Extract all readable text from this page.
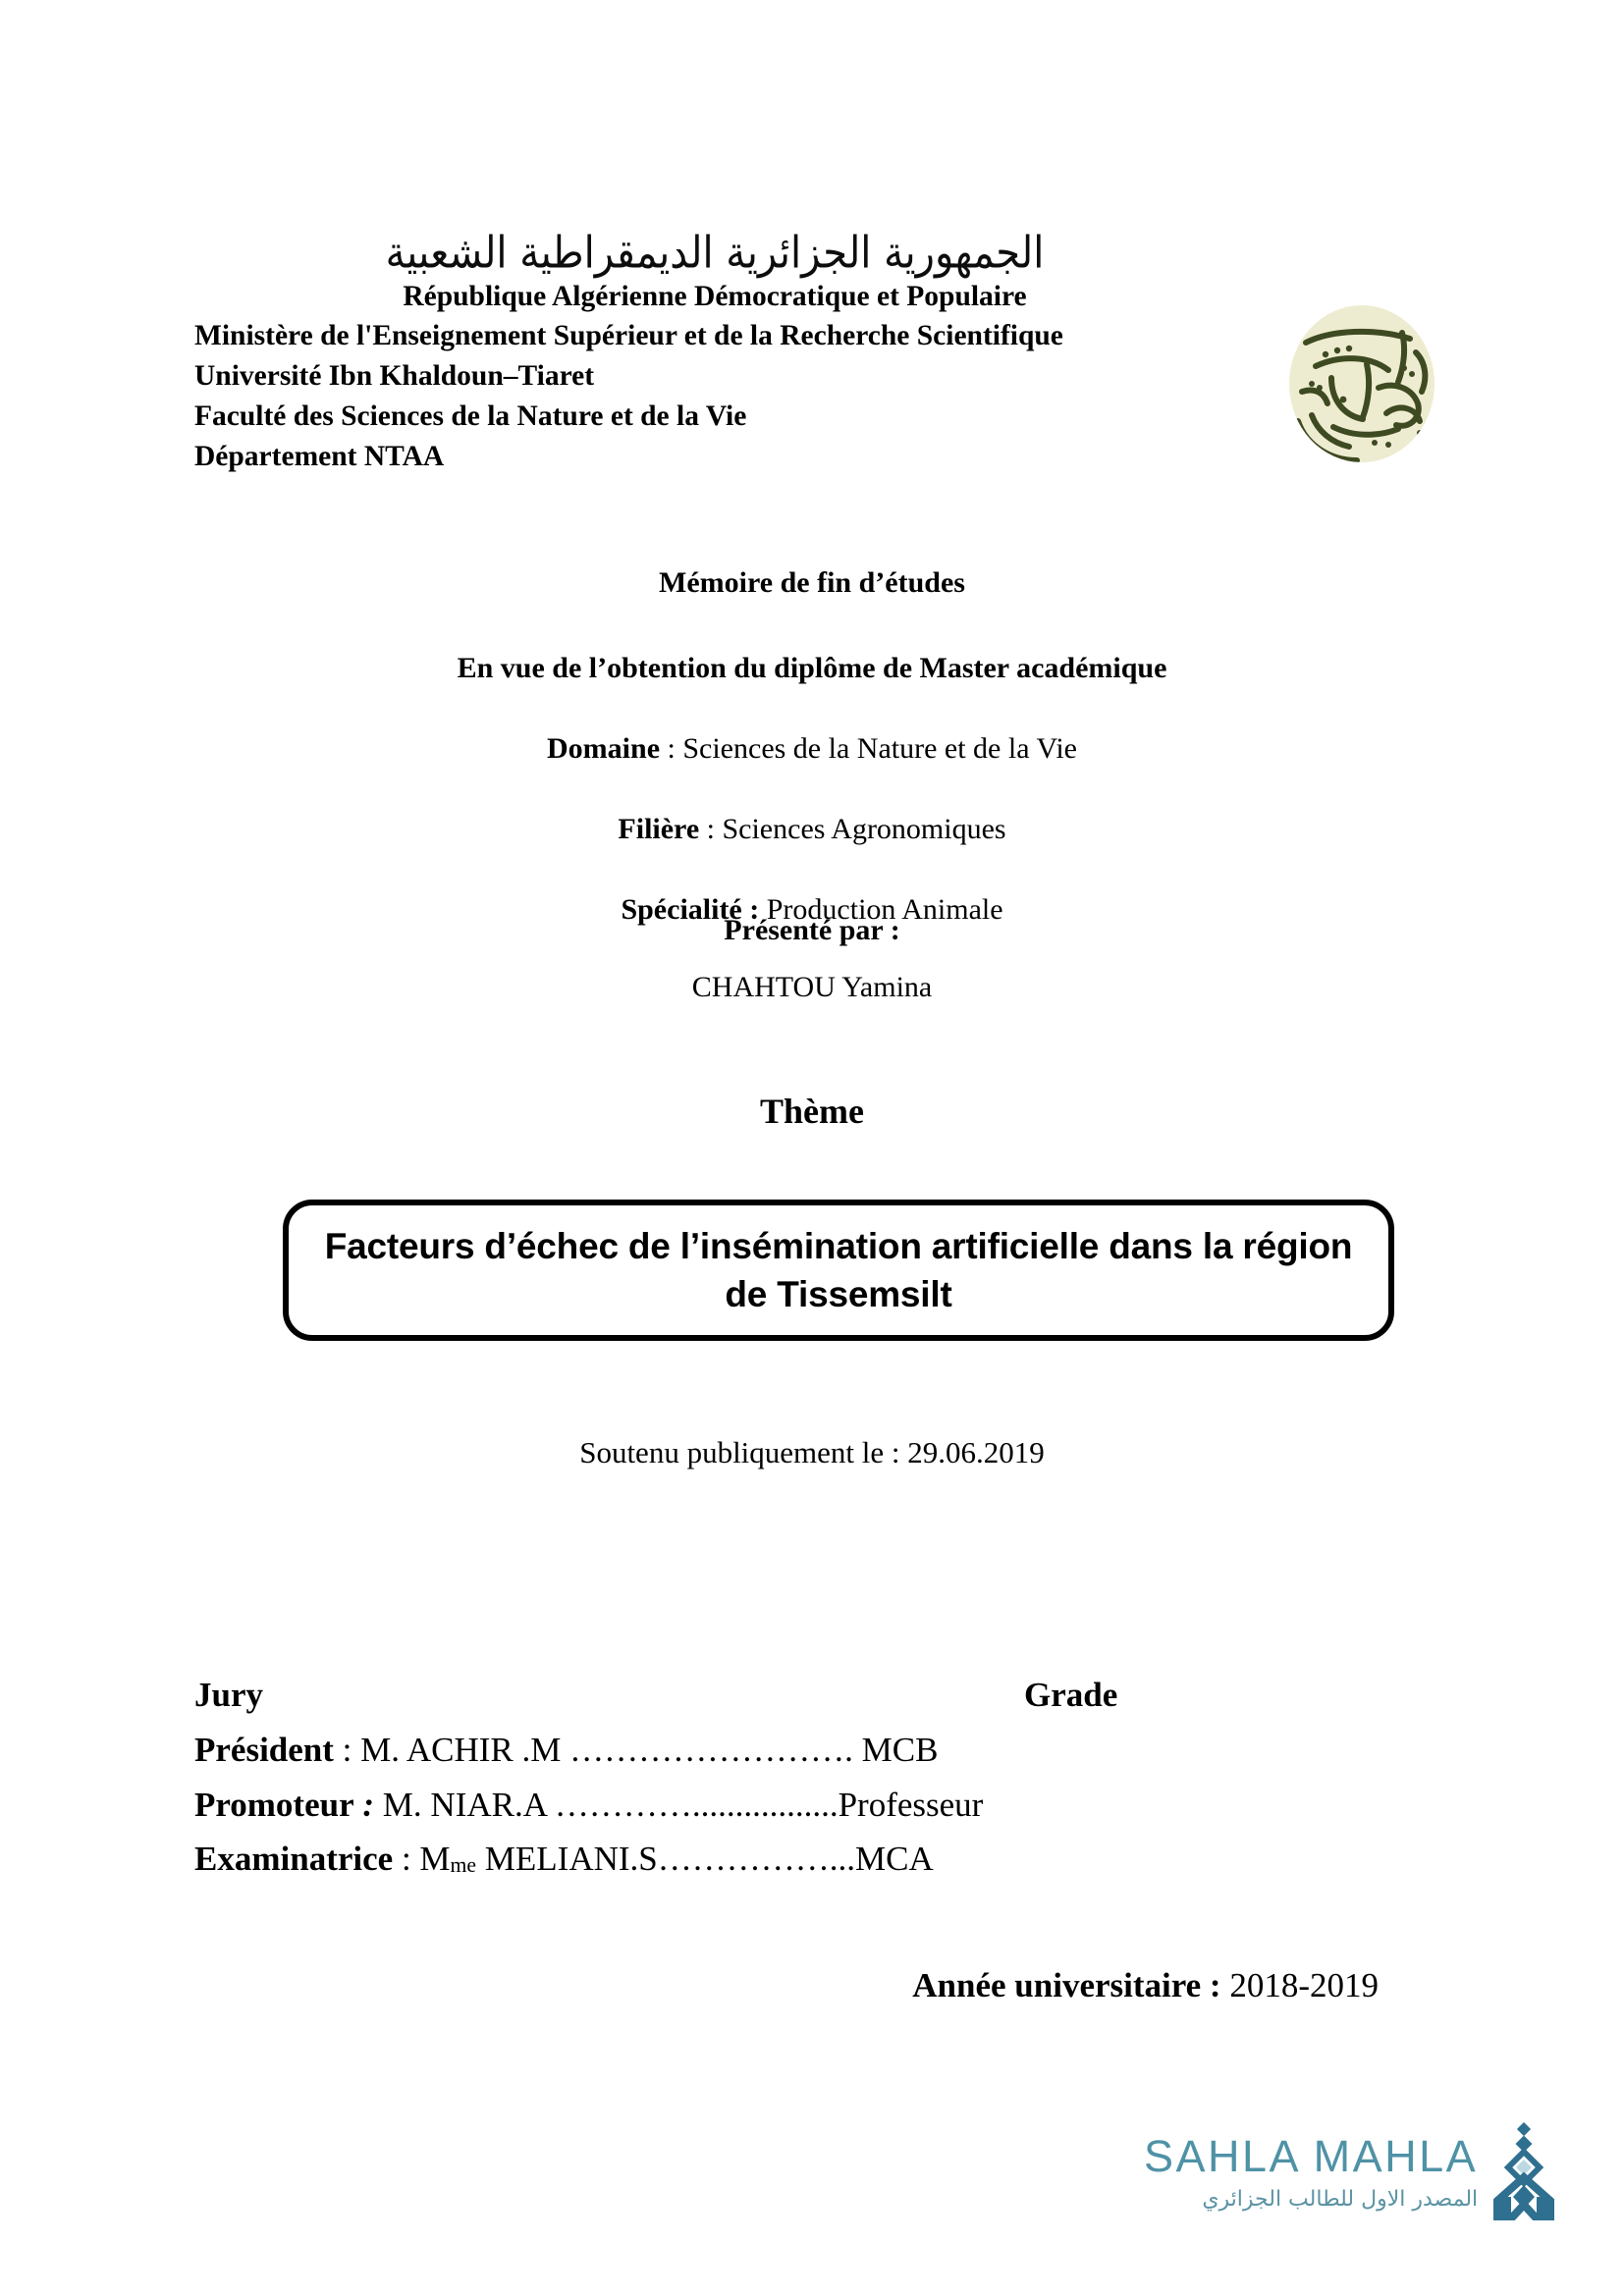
الجمهورية الجزائرية الديمقراطية الشعبية
République Algérienne Démocratique et Populaire
Ministère de l'Enseignement Supérieur et de la Recherche Scientifique
Université Ibn Khaldoun–Tiaret
Faculté des Sciences de la Nature et de la Vie
Département NTAA

Mémoire de fin d’études

En vue de l’obtention du diplôme de Master académique

Domaine : Sciences de la Nature et de la Vie

Filière : Sciences Agronomiques

Spécialité : Production Animale

Présenté par :

CHAHTOU Yamina

Thème

Facteurs d’échec de l’insémination artificielle dans la région de Tissemsilt
Soutenu publiquement le : 29.06.2019
Jury	Grade
Président : M. ACHIR .M ……………………. MCB
Promoteur : M. NIAR.A ………….................Professeur
Examinatrice : Mme MELIANI.S……………...MCA
Année universitaire : 2018-2019
SAHLA MAHLA
المصدر الاول للطالب الجزائري
